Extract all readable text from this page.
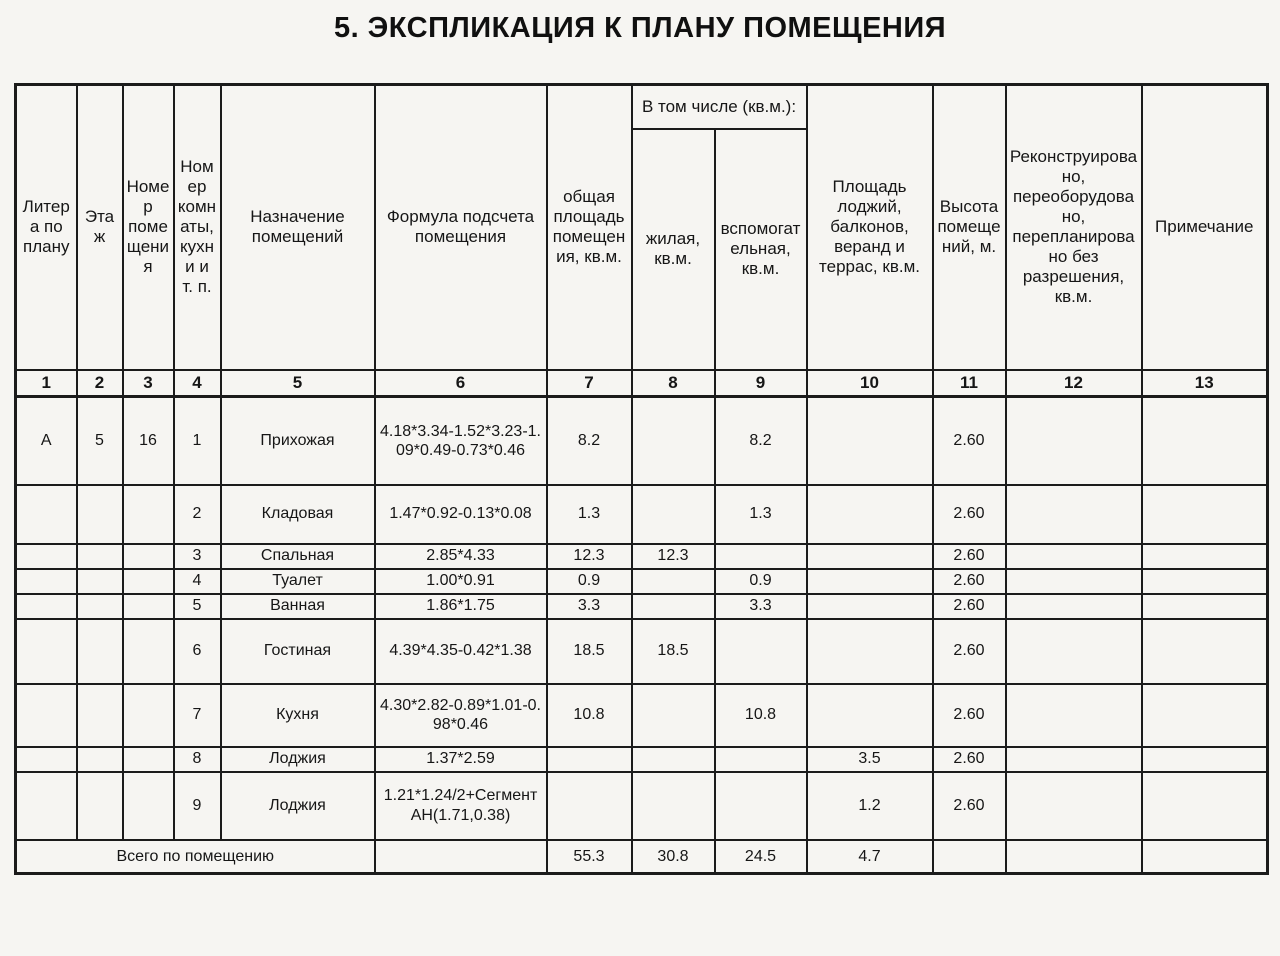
5. ЭКСПЛИКАЦИЯ К ПЛАНУ ПОМЕЩЕНИЯ
Литера по плану	Этаж	Номер помещения	Номер комнаты, кухни и т. п.	Назначение помещений	Формула подсчета помещения	общая площадь помещения, кв.м.	В том числе (кв.м.):		Площадь лоджий, балконов, веранд и террас, кв.м.	Высота помещений, м.	Реконструировано, переоборудовано, перепланировано без разрешения, кв.м.	Примечание
							жилая, кв.м.	вспомогательная, кв.м.				
1	2	3	4	5	6	7	8	9	10	11	12	13
А	5	16	1	Прихожая	4.18*3.34-1.52*3.23-1.09*0.49-0.73*0.46	8.2		8.2		2.60		
			2	Кладовая	1.47*0.92-0.13*0.08	1.3		1.3		2.60		
			3	Спальная	2.85*4.33	12.3	12.3			2.60		
			4	Туалет	1.00*0.91	0.9		0.9		2.60		
			5	Ванная	1.86*1.75	3.3		3.3		2.60		
			6	Гостиная	4.39*4.35-0.42*1.38	18.5	18.5			2.60		
			7	Кухня	4.30*2.82-0.89*1.01-0.98*0.46	10.8		10.8		2.60		
			8	Лоджия	1.37*2.59				3.5	2.60		
			9	Лоджия	1.21*1.24/2+СегментАН(1.71,0.38)				1.2	2.60		
Всего по помещению						55.3	30.8	24.5	4.7			
